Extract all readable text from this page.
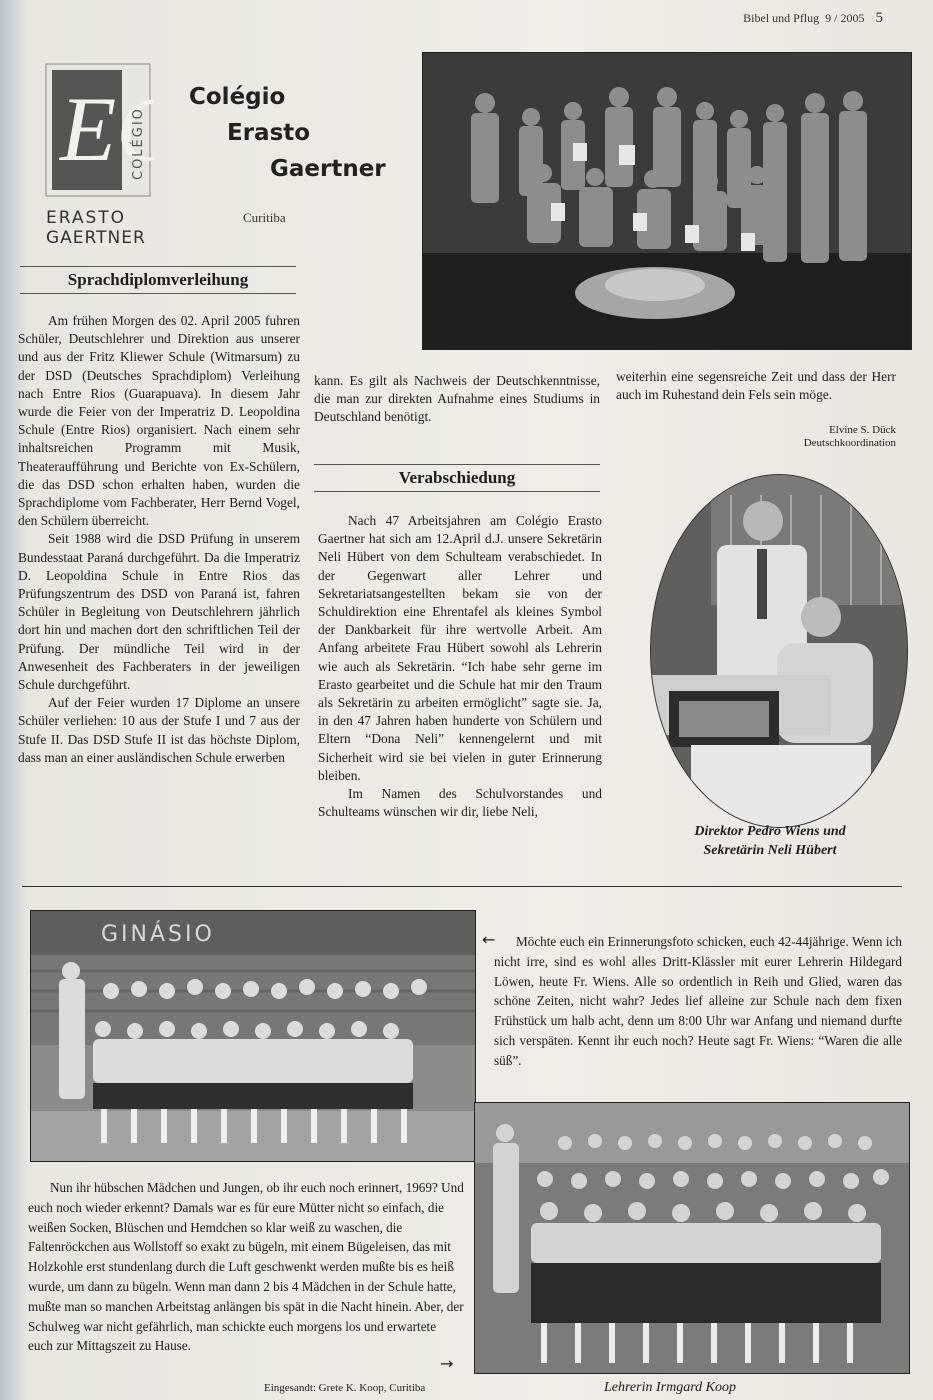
Bibel und Pflug 9 / 2005 5
E	COLÉGIO
ERASTO
GAERTNER
Colégio
Erasto
Gaertner
Curitiba
Sprachdiplomverleihung

Am frühen Morgen des 02. April 2005 fuhren Schüler, Deutschlehrer und Direktion aus unserer und aus der Fritz Kliewer Schule (Witmarsum) zu der DSD (Deutsches Sprachdiplom) Verleihung nach Entre Rios (Guarapuava). In diesem Jahr wurde die Feier von der Imperatriz D. Leopoldina Schule (Entre Rios) organisiert. Nach einem sehr inhaltsreichen Programm mit Musik, Theateraufführung und Berichte von Ex-Schülern, die das DSD schon erhalten haben, wurden die Sprachdiplome vom Fachberater, Herr Bernd Vogel, den Schülern überreicht.

Seit 1988 wird die DSD Prüfung in unserem Bundesstaat Paraná durchgeführt. Da die Imperatriz D. Leopoldina Schule in Entre Rios das Prüfungszentrum des DSD von Paraná ist, fahren Schüler in Begleitung von Deutschlehrern jährlich dort hin und machen dort den schriftlichen Teil der Prüfung. Der mündliche Teil wird in der Anwesenheit des Fachberaters in der jeweiligen Schule durchgeführt.

Auf der Feier wurden 17 Diplome an unsere Schüler verliehen: 10 aus der Stufe I und 7 aus der Stufe II. Das DSD Stufe II ist das höchste Diplom, dass man an einer ausländischen Schule erwerben

kann. Es gilt als Nachweis der Deutschkenntnisse, die man zur direkten Aufnahme eines Studiums in Deutschland benötigt.

Verabschiedung

Nach 47 Arbeitsjahren am Colégio Erasto Gaertner hat sich am 12.April d.J. unsere Sekretärin Neli Hübert von dem Schulteam verabschiedet. In der Gegenwart aller Lehrer und Sekretariatsangestellten bekam sie von der Schuldirektion eine Ehrentafel als kleines Symbol der Dankbarkeit für ihre wertvolle Arbeit. Am Anfang arbeitete Frau Hübert sowohl als Lehrerin wie auch als Sekretärin. “Ich habe sehr gerne im Erasto gearbeitet und die Schule hat mir den Traum als Sekretärin zu arbeiten ermöglicht” sagte sie. Ja, in den 47 Jahren haben hunderte von Schülern und Eltern “Dona Neli” kennengelernt und mit Sicherheit wird sie bei vielen in guter Erinnerung bleiben.

Im Namen des Schulvorstandes und Schulteams wünschen wir dir, liebe Neli,

weiterhin eine segensreiche Zeit und dass der Herr auch im Ruhestand dein Fels sein möge.

Elvine S. Dück
Deutschkoordination
Direktor Pedro Wiens und
Sekretärin Neli Hübert
GINÁSIO	←	Möchte euch ein Erinnerungsfoto schicken, euch 42-44jährige. Wenn ich nicht irre, sind es wohl alles Dritt-Klässler mit eurer Lehrerin Hildegard Löwen, heute Fr. Wiens. Alle so ordentlich in Reih und Glied, waren das schöne Zeiten, nicht wahr? Jedes lief alleine zur Schule nach dem fixen Frühstück um halb acht, denn um 8:00 Uhr war Anfang und niemand durfte sich verspäten. Kennt ihr euch noch? Heute sagt Fr. Wiens: “Waren die alle süß”.

Nun ihr hübschen Mädchen und Jungen, ob ihr euch noch erinnert, 1969? Und euch noch wieder erkennt? Damals war es für eure Mütter nicht so einfach, die weißen Socken, Blüschen und Hemdchen so klar weiß zu waschen, die Faltenröckchen aus Wollstoff so exakt zu bügeln, mit einem Bügeleisen, das mit Holzkohle erst stundenlang durch die Luft geschwenkt werden mußte bis es heiß wurde, um dann zu bügeln. Wenn man dann 2 bis 4 Mädchen in der Schule hatte, mußte man so manchen Arbeitstag anlängen bis spät in die Nacht hinein. Aber, der Schulweg war nicht gefährlich, man schickte euch morgens los und erwartete euch zur Mittagszeit zu Hause.

→
Eingesandt: Grete K. Koop, Curitiba	Lehrerin Irmgard Koop
